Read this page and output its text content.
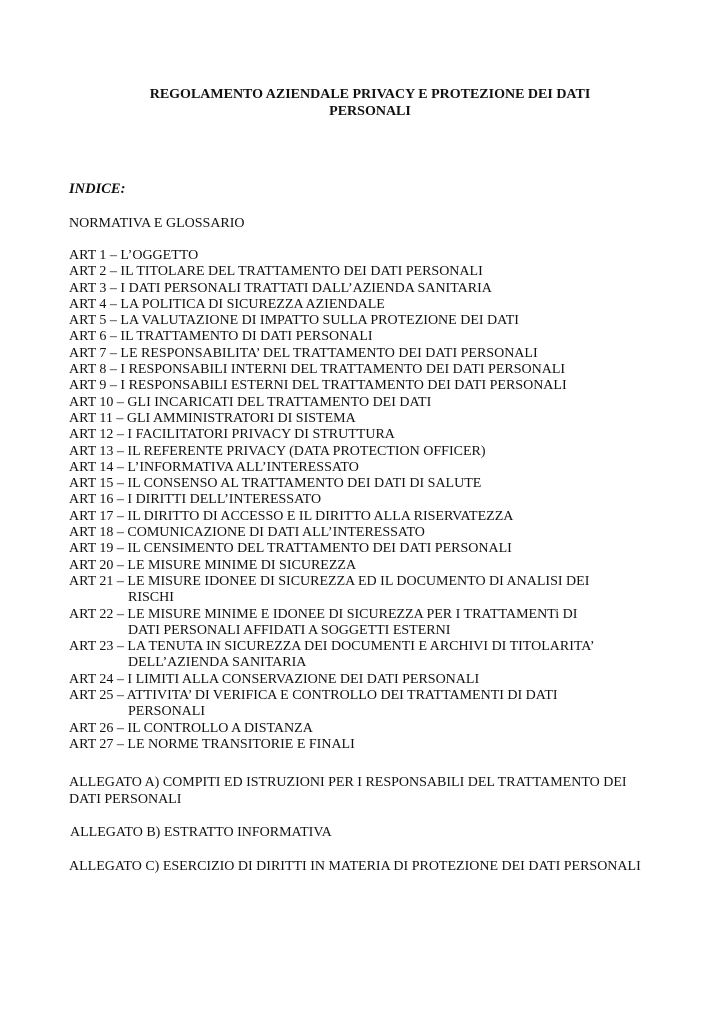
REGOLAMENTO AZIENDALE PRIVACY E PROTEZIONE DEI DATI
PERSONALI
INDICE:
NORMATIVA E GLOSSARIO
ART 1 – L’OGGETTO
ART 2 – IL TITOLARE DEL TRATTAMENTO DEI DATI PERSONALI
ART 3 – I DATI PERSONALI TRATTATI DALL’AZIENDA SANITARIA
ART 4 – LA POLITICA DI SICUREZZA AZIENDALE
ART 5 – LA VALUTAZIONE DI IMPATTO SULLA PROTEZIONE DEI DATI
ART 6 – IL TRATTAMENTO DI DATI PERSONALI
ART 7 – LE RESPONSABILITA’ DEL TRATTAMENTO DEI DATI PERSONALI
ART 8 – I RESPONSABILI INTERNI DEL TRATTAMENTO DEI DATI PERSONALI
ART 9 – I RESPONSABILI ESTERNI DEL TRATTAMENTO DEI DATI PERSONALI
ART 10 – GLI INCARICATI DEL TRATTAMENTO DEI DATI
ART 11 – GLI AMMINISTRATORI DI SISTEMA
ART 12 – I FACILITATORI PRIVACY DI STRUTTURA
ART 13 – IL REFERENTE PRIVACY (DATA PROTECTION OFFICER)
ART 14 – L’INFORMATIVA ALL’INTERESSATO
ART 15 – IL CONSENSO AL TRATTAMENTO DEI DATI DI SALUTE
ART 16 – I DIRITTI DELL’INTERESSATO
ART 17 – IL DIRITTO DI ACCESSO E IL DIRITTO ALLA RISERVATEZZA
ART 18 – COMUNICAZIONE DI DATI ALL’INTERESSATO
ART 19 – IL CENSIMENTO DEL TRATTAMENTO DEI DATI PERSONALI
ART 20 – LE MISURE MINIME DI SICUREZZA
ART 21 – LE MISURE IDONEE DI SICUREZZA ED IL DOCUMENTO DI ANALISI DEI
RISCHI
ART 22 – LE MISURE MINIME E IDONEE DI SICUREZZA PER I TRATTAMENTi DI
DATI PERSONALI AFFIDATI A SOGGETTI ESTERNI
ART 23 – LA TENUTA IN SICUREZZA DEI DOCUMENTI E ARCHIVI DI TITOLARITA’
DELL’AZIENDA SANITARIA
ART 24 – I LIMITI ALLA CONSERVAZIONE DEI DATI PERSONALI
ART 25 – ATTIVITA’ DI VERIFICA E CONTROLLO DEI TRATTAMENTI DI DATI
PERSONALI
ART 26 – IL CONTROLLO A DISTANZA
ART 27 – LE NORME TRANSITORIE E FINALI
ALLEGATO A) COMPITI ED ISTRUZIONI PER I RESPONSABILI DEL TRATTAMENTO DEI DATI PERSONALI
ALLEGATO B) ESTRATTO INFORMATIVA
ALLEGATO C) ESERCIZIO DI DIRITTI IN MATERIA DI PROTEZIONE DEI DATI PERSONALI
